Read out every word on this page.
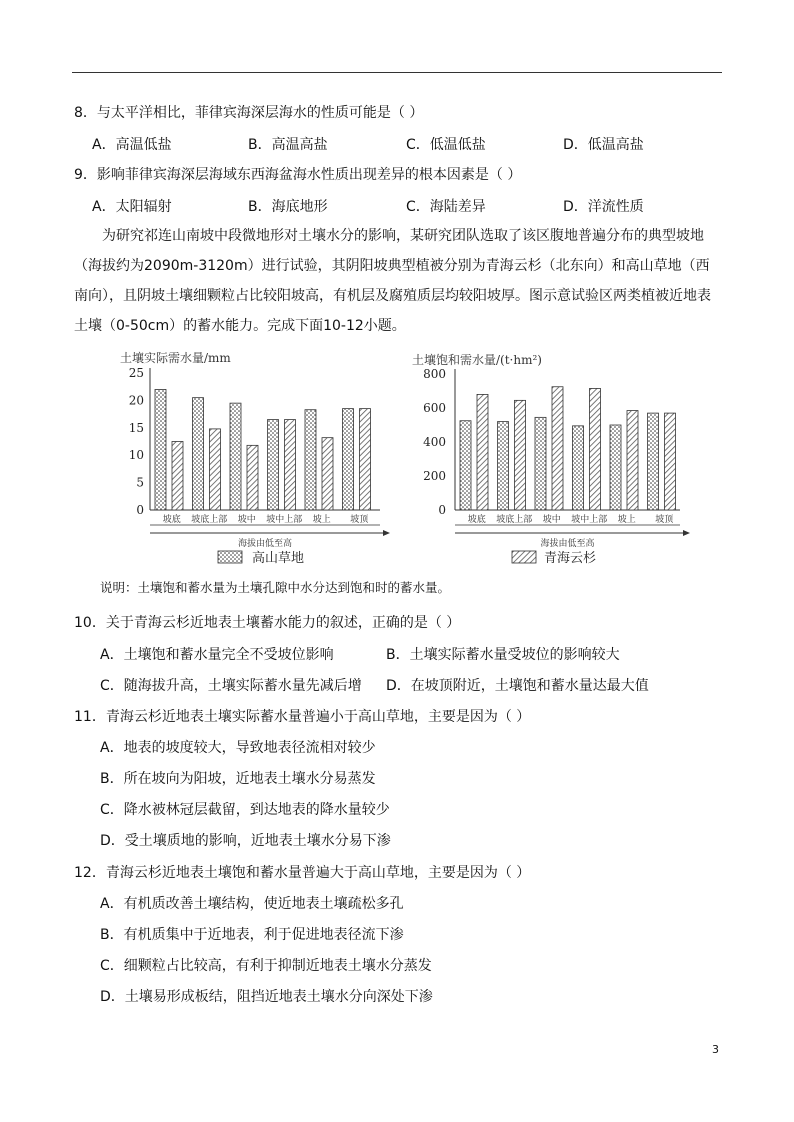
8．与太平洋相比，菲律宾海深层海水的性质可能是（ ）
A．高温低盐	B．高温高盐	C．低温低盐	D．低温高盐
9．影响菲律宾海深层海域东西海盆海水性质出现差异的根本因素是（ ）
A．太阳辐射	B．海底地形	C．海陆差异	D．洋流性质

为研究祁连山南坡中段微地形对土壤水分的影响，某研究团队选取了该区腹地普遍分布的典型坡地（海拔约为2090m-3120m）进行试验，其阴阳坡典型植被分别为青海云杉（北东向）和高山草地（西南向），且阴坡土壤细颗粒占比较阳坡高，有机层及腐殖质层均较阳坡厚。图示意试验区两类植被近地表土壤（0-50cm）的蓄水能力。完成下面10-12小题。

土壤实际需水量/mm
0
5
10
15
20
25
坡底 坡底上部 坡中 坡中上部 坡上 坡顶
海拔由低至高
土壤饱和需水量/(t·hm²)
0
200
400
600
800
坡底 坡底上部 坡中 坡中上部 坡上 坡顶
海拔由低至高
高山草地	青海云杉
说明：土壤饱和蓄水量为土壤孔隙中水分达到饱和时的蓄水量。
10．关于青海云杉近地表土壤蓄水能力的叙述，正确的是（ ）
A．土壤饱和蓄水量完全不受坡位影响	B．土壤实际蓄水量受坡位的影响较大
C．随海拔升高，土壤实际蓄水量先减后增 D．在坡顶附近，土壤饱和蓄水量达最大值
11．青海云杉近地表土壤实际蓄水量普遍小于高山草地，主要是因为（ ）
A．地表的坡度较大，导致地表径流相对较少
B．所在坡向为阳坡，近地表土壤水分易蒸发
C．降水被林冠层截留，到达地表的降水量较少
D．受土壤质地的影响，近地表土壤水分易下渗
12．青海云杉近地表土壤饱和蓄水量普遍大于高山草地，主要是因为（ ）
A．有机质改善土壤结构，使近地表土壤疏松多孔
B．有机质集中于近地表，利于促进地表径流下渗
C．细颗粒占比较高，有利于抑制近地表土壤水分蒸发
D．土壤易形成板结，阻挡近地表土壤水分向深处下渗
3
